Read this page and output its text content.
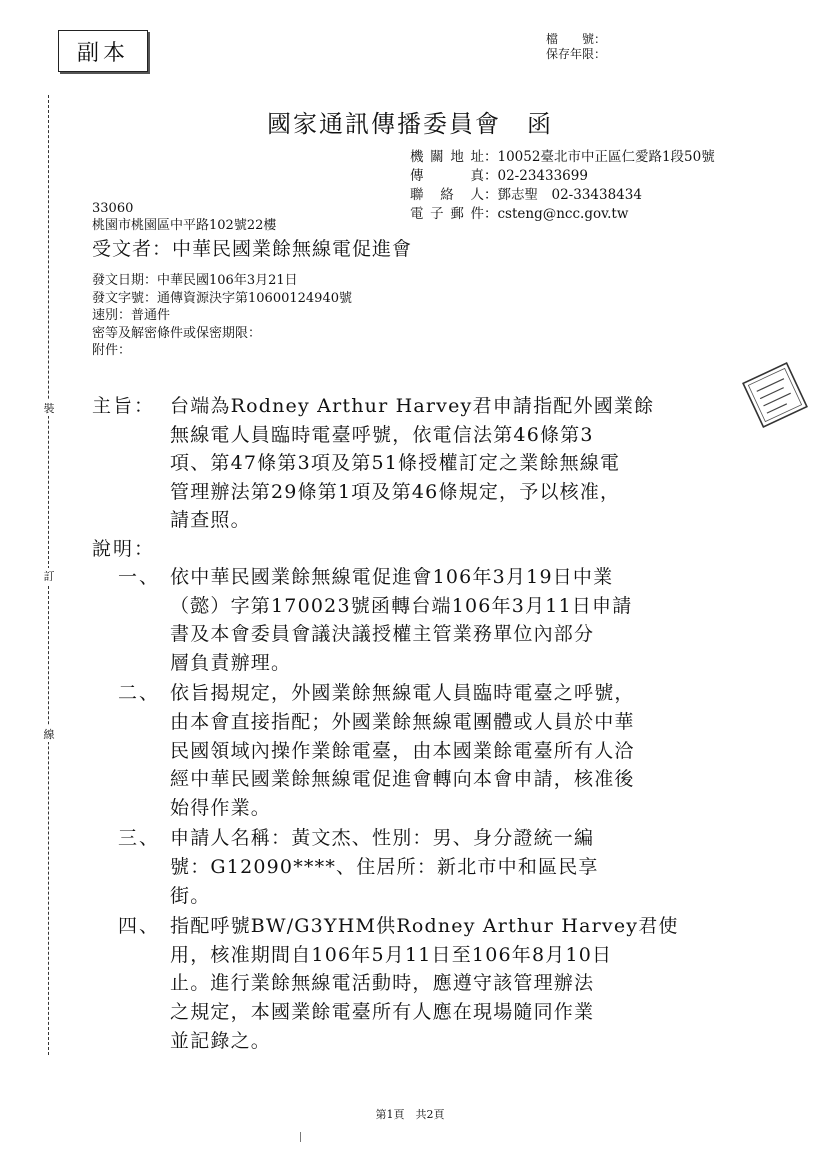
副本
檔　　號：
保存年限：
國家通訊傳播委員會　函
機關地址：10052臺北市中正區仁愛路1段50號
傳　　真：02-23433699
聯 絡 人：鄧志聖　02-33438434
電子郵件：csteng@ncc.gov.tw
33060
桃園市桃園區中平路102號22樓
受文者：中華民國業餘無線電促進會
發文日期：中華民國106年3月21日
發文字號：通傳資源決字第10600124940號
速別：普通件
密等及解密條件或保密期限：
附件：
主旨： 台端為Rodney Arthur Harvey君申請指配外國業餘
無線電人員臨時電臺呼號，依電信法第46條第3
項、第47條第3項及第51條授權訂定之業餘無線電
管理辦法第29條第1項及第46條規定，予以核准，
請查照。
說明：
一、 依中華民國業餘無線電促進會106年3月19日中業
（懿）字第170023號函轉台端106年3月11日申請
書及本會委員會議決議授權主管業務單位內部分
層負責辦理。
二、 依旨揭規定，外國業餘無線電人員臨時電臺之呼號，
由本會直接指配；外國業餘無線電團體或人員於中華
民國領域內操作業餘電臺，由本國業餘電臺所有人洽
經中華民國業餘無線電促進會轉向本會申請，核准後
始得作業。
三、 申請人名稱：黃文杰、性別：男、身分證統一編
號：G12090****、住居所：新北市中和區民享
街。
四、 指配呼號BW/G3YHM供Rodney Arthur Harvey君使
用，核准期間自106年5月11日至106年8月10日
止。進行業餘無線電活動時，應遵守該管理辦法
之規定，本國業餘電臺所有人應在現場隨同作業
並記錄之。
裝
訂
線
第1頁　共2頁
